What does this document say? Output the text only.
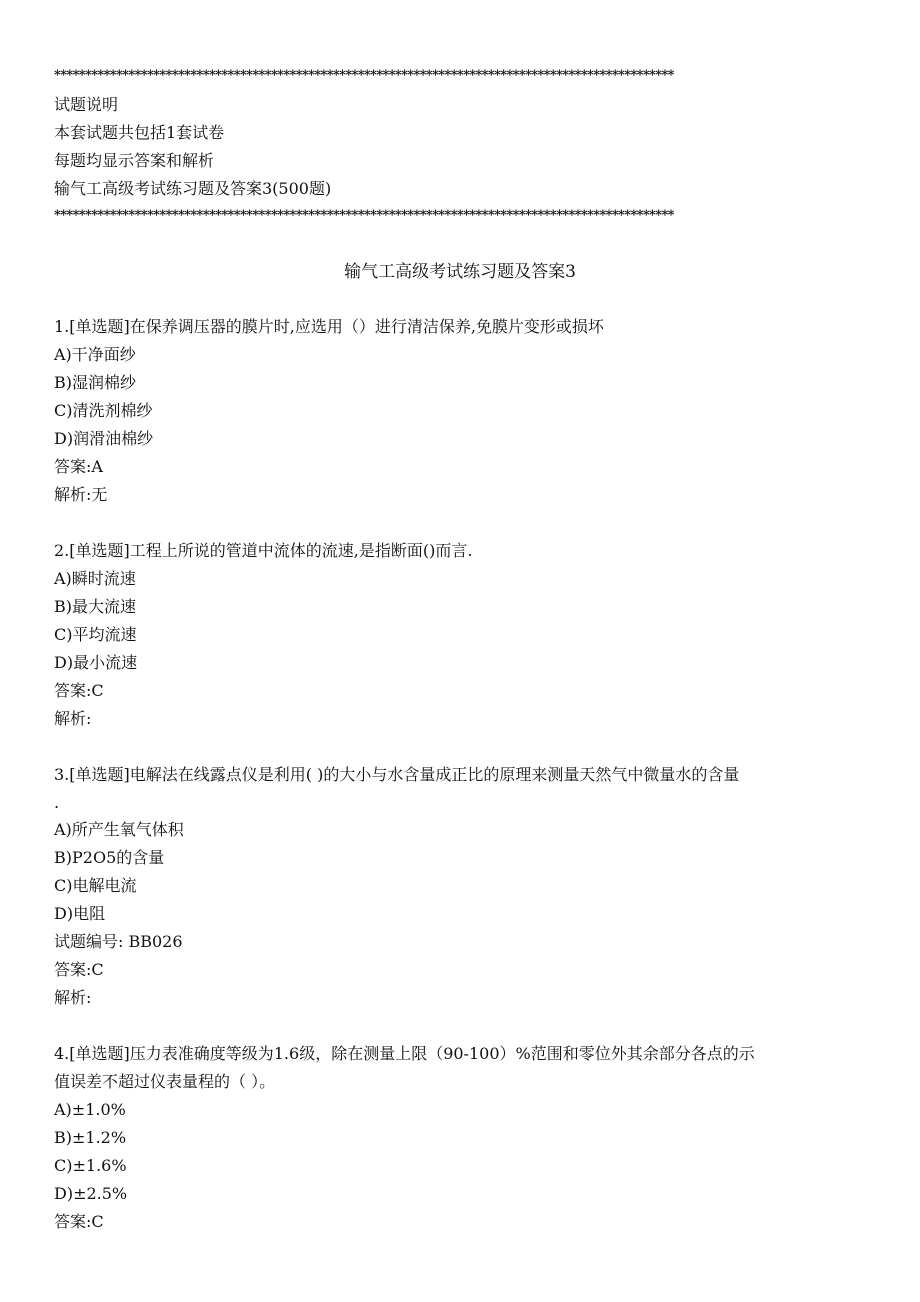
****************************************************************************************************
试题说明
本套试题共包括1套试卷
每题均显示答案和解析
输气工高级考试练习题及答案3(500题)
****************************************************************************************************
输气工高级考试练习题及答案3
1.[单选题]在保养调压器的膜片时,应选用（）进行清洁保养,免膜片变形或损坏
A)干净面纱
B)湿润棉纱
C)清洗剂棉纱
D)润滑油棉纱
答案:A
解析:无
2.[单选题]工程上所说的管道中流体的流速,是指断面()而言.
A)瞬时流速
B)最大流速
C)平均流速
D)最小流速
答案:C
解析:
3.[单选题]电解法在线露点仪是利用( )的大小与水含量成正比的原理来测量天然气中微量水的含量
.
A)所产生氧气体积
B)P2O5的含量
C)电解电流
D)电阻
试题编号: BB026
答案:C
解析:
4.[单选题]压力表准确度等级为1.6级，除在测量上限（90-100）%范围和零位外其余部分各点的示
值误差不超过仪表量程的（ ）。
A)±1.0%
B)±1.2%
C)±1.6%
D)±2.5%
答案:C
